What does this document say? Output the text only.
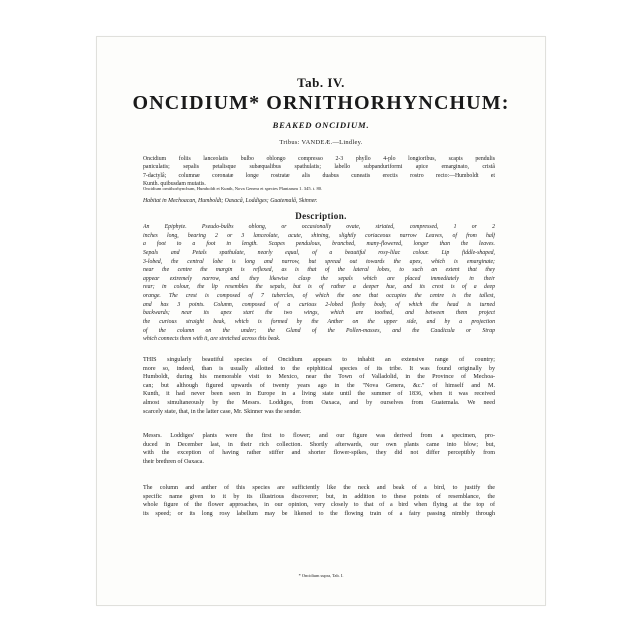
Tab. IV.
ONCIDIUM* ORNITHORHYNCHUM:
BEAKED ONCIDIUM.
Tribus: VANDEÆ.—Lindley.
Oncidium foliis lanceolatis bulbo oblongo compresso 2-3 phyllo 4-plo longioribus, scapis pendulis
paniculatis; sepalis petalisque subæqualibus spathulatis; labello subpanduriformi apice emarginato, cristâ
7-dactylâ; columnæ coronatæ longe rostratæ alis duabus cuneatis erectis rostro recto:—Humboldt et
Kunth. quibusdam mutatis.
Oncidium ornithorhynchum, Humboldt et Kunth, Nova Genera et species Plantarum 1. 345. t. 80.
Habitat in Mechoacan, Humboldt; Oaxacâ, Loddiges; Guatemalâ, Skinner.
Description.
An Epiphyte. Pseudo-bulbs oblong, or occasionally ovate, striated, compressed, 1 or 2
inches long, bearing 2 or 3 lanceolate, acute, shining, slightly coriaceous narrow Leaves, of from half
a foot to a foot in length. Scapes pendulous, branched, many-flowered, longer than the leaves.
Sepals and Petals spathulate, nearly equal, of a beautiful rosy-lilac colour. Lip fiddle-shaped,
3-lobed, the central lobe is long and narrow, but spread out towards the apex, which is emarginate;
near the centre the margin is reflexed, as is that of the lateral lobes, to such an extent that they
appear extremely narrow, and they likewise clasp the sepals which are placed immediately in their
rear; in colour, the lip resembles the sepals, but is of rather a deeper hue, and its crest is of a deep
orange. The crest is composed of 7 tubercles, of which the one that occupies the centre is the tallest,
and has 3 points. Column, composed of a curious 2-lobed fleshy body, of which the head is turned
backwards; near its apex start the two wings, which are toothed, and between them project
the curious straight beak, which is formed by the Anther on the upper side, and by a projection
of the column on the under; the Gland of the Pollen-masses, and the Caudicula or Strap
which connects them with it, are stretched across this beak.
THIS singularly beautiful species of Oncidium appears to inhabit an extensive range of country;
more so, indeed, than is usually allotted to the epiphitical species of its tribe. It was found originally by
Humboldt, during his memorable visit to Mexico, near the Town of Valladolid, in the Province of Mechoa-
can; but although figured upwards of twenty years ago in the "Nova Genera, &c." of himself and M.
Kunth, it had never been seen in Europe in a living state until the summer of 1836, when it was received
almost simultaneously by the Messrs. Loddiges, from Oaxaca, and by ourselves from Guatemala. We need
scarcely state, that, in the latter case, Mr. Skinner was the sender.
Messrs. Loddiges' plants were the first to flower; and our figure was derived from a specimen, pro-
duced in December last, in their rich collection. Shortly afterwards, our own plants came into blow; but,
with the exception of having rather stiffer and shorter flower-spikes, they did not differ perceptibly from
their brethren of Oaxaca.
The column and anther of this species are sufficiently like the neck and beak of a bird, to justify the
specific name given to it by its illustrious discoverer; but, in addition to these points of resemblance, the
whole figure of the flower approaches, in our opinion, very closely to that of a bird when flying at the top of
its speed; or its long rosy labellum may be likened to the flowing train of a fairy passing nimbly through
* Oncidium supra, Tab. I.
